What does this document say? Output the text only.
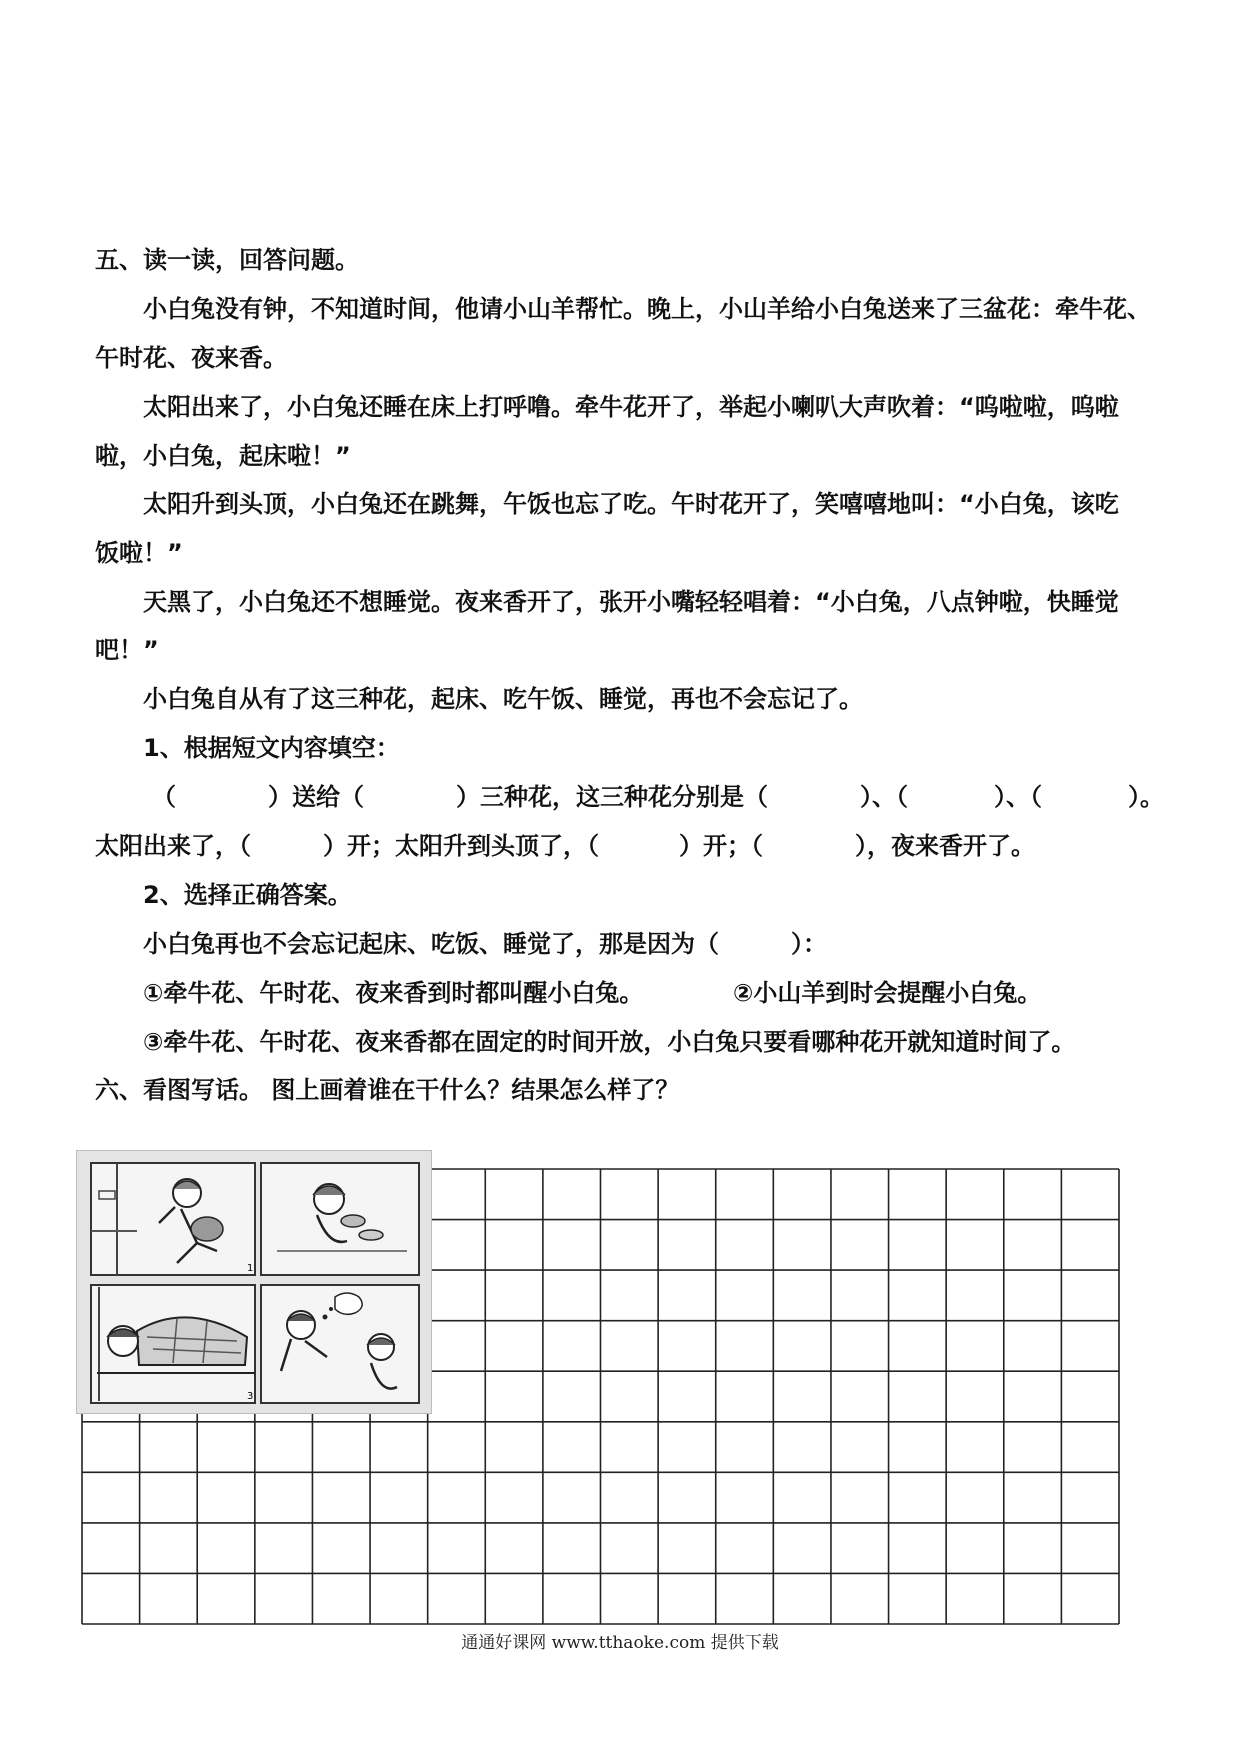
五、读一读，回答问题。
小白兔没有钟，不知道时间，他请小山羊帮忙。晚上，小山羊给小白兔送来了三盆花：牵牛花、
午时花、夜来香。
太阳出来了，小白兔还睡在床上打呼噜。牵牛花开了，举起小喇叭大声吹着：“呜啦啦，呜啦
啦，小白兔，起床啦！”
太阳升到头顶，小白兔还在跳舞，午饭也忘了吃。午时花开了，笑嘻嘻地叫：“小白兔，该吃
饭啦！”
天黑了，小白兔还不想睡觉。夜来香开了，张开小嘴轻轻唱着：“小白兔，八点钟啦，快睡觉
吧！”
小白兔自从有了这三种花，起床、吃午饭、睡觉，再也不会忘记了。
1、根据短文内容填空：
（	）送给（	）三种花，这三种花分别是（	）、（	）、（	）。
太阳出来了，（	）开；太阳升到头顶了，（	）开；（	），夜来香开了。
2、选择正确答案。
小白兔再也不会忘记起床、吃饭、睡觉了，那是因为（	）：
①牵牛花、午时花、夜来香到时都叫醒小白兔。	②小山羊到时会提醒小白兔。
③牵牛花、午时花、夜来香都在固定的时间开放，小白兔只要看哪种花开就知道时间了。
六、看图写话。 图上画着谁在干什么？结果怎么样了？
1
3
通通好课网 www.tthaoke.com 提供下载
